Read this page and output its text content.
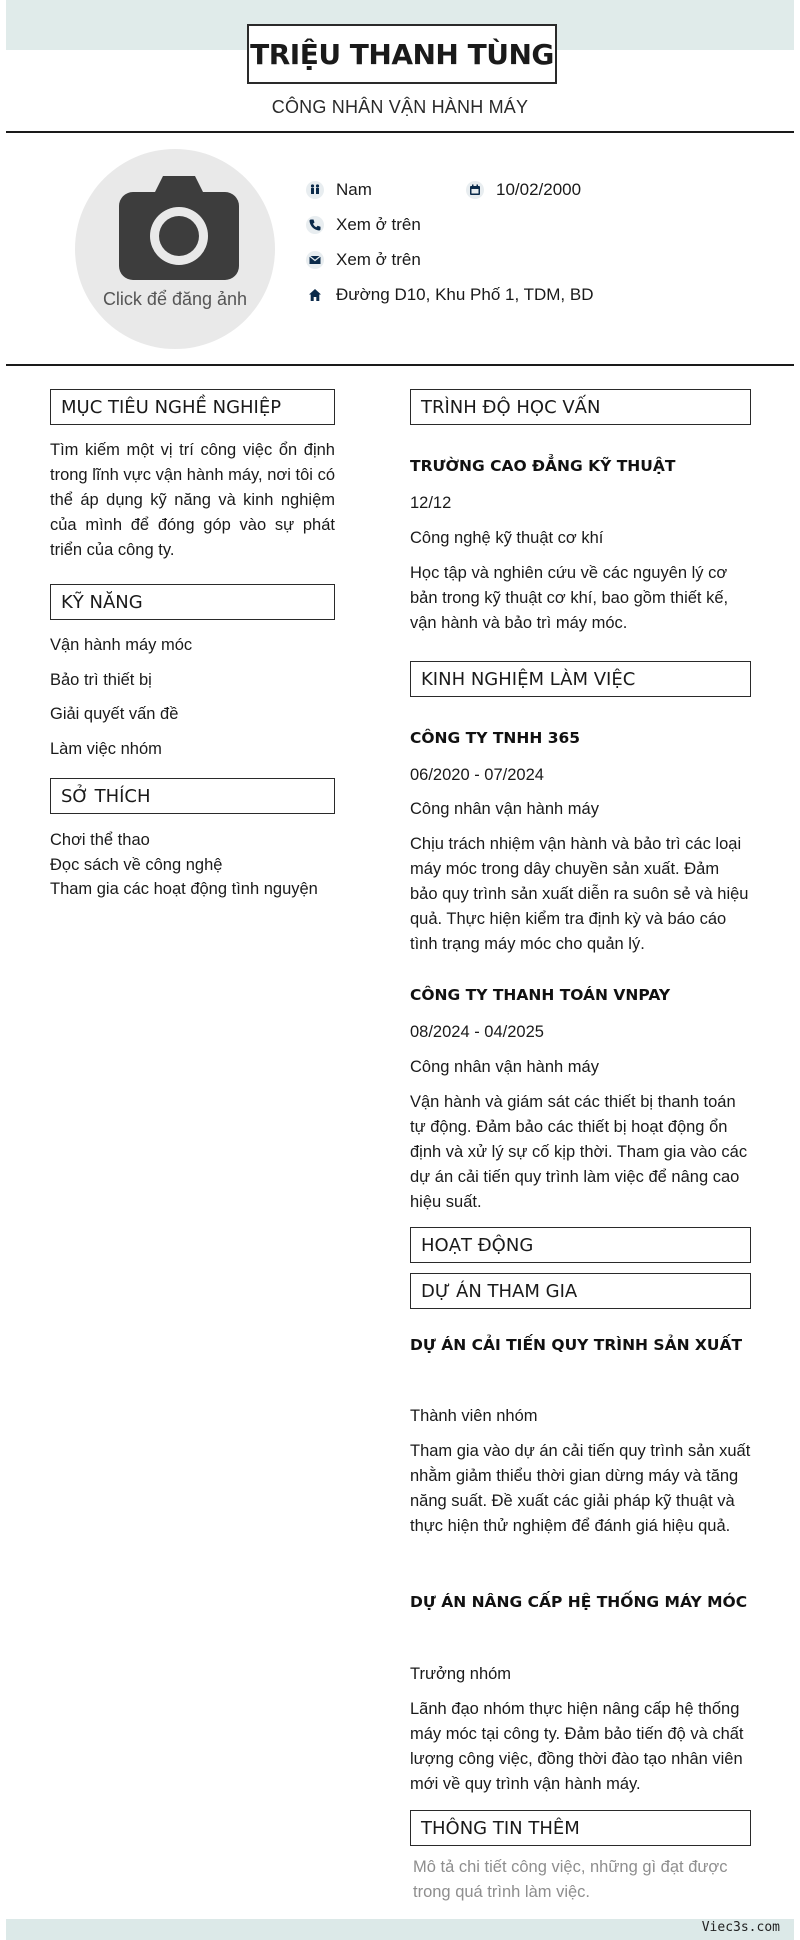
TRIỆU THANH TÙNG
CÔNG NHÂN VẬN HÀNH MÁY
Click để đăng ảnh
Nam	10/02/2000
Xem ở trên
Xem ở trên
Đường D10, Khu Phố 1, TDM, BD
MỤC TIÊU NGHỀ NGHIỆP
Tìm kiếm một vị trí công việc ổn định trong lĩnh vực vận hành máy, nơi tôi có thể áp dụng kỹ năng và kinh nghiệm của mình để đóng góp vào sự phát triển của công ty.
KỸ NĂNG
Vận hành máy móc
Bảo trì thiết bị
Giải quyết vấn đề
Làm việc nhóm
SỞ THÍCH
Chơi thể thao
Đọc sách về công nghệ
Tham gia các hoạt động tình nguyện
TRÌNH ĐỘ HỌC VẤN
TRƯỜNG CAO ĐẲNG KỸ THUẬT
12/12
Công nghệ kỹ thuật cơ khí
Học tập và nghiên cứu về các nguyên lý cơ bản trong kỹ thuật cơ khí, bao gồm thiết kế, vận hành và bảo trì máy móc.
KINH NGHIỆM LÀM VIỆC
CÔNG TY TNHH 365
06/2020 - 07/2024
Công nhân vận hành máy
Chịu trách nhiệm vận hành và bảo trì các loại máy móc trong dây chuyền sản xuất. Đảm bảo quy trình sản xuất diễn ra suôn sẻ và hiệu quả. Thực hiện kiểm tra định kỳ và báo cáo tình trạng máy móc cho quản lý.
CÔNG TY THANH TOÁN VNPAY
08/2024 - 04/2025
Công nhân vận hành máy
Vận hành và giám sát các thiết bị thanh toán tự động. Đảm bảo các thiết bị hoạt động ổn định và xử lý sự cố kịp thời. Tham gia vào các dự án cải tiến quy trình làm việc để nâng cao hiệu suất.
HOẠT ĐỘNG
DỰ ÁN THAM GIA
DỰ ÁN CẢI TIẾN QUY TRÌNH SẢN XUẤT
Thành viên nhóm
Tham gia vào dự án cải tiến quy trình sản xuất nhằm giảm thiểu thời gian dừng máy và tăng năng suất. Đề xuất các giải pháp kỹ thuật và thực hiện thử nghiệm để đánh giá hiệu quả.
DỰ ÁN NÂNG CẤP HỆ THỐNG MÁY MÓC
Trưởng nhóm
Lãnh đạo nhóm thực hiện nâng cấp hệ thống máy móc tại công ty. Đảm bảo tiến độ và chất lượng công việc, đồng thời đào tạo nhân viên mới về quy trình vận hành máy.
THÔNG TIN THÊM
Mô tả chi tiết công việc, những gì đạt được trong quá trình làm việc.
Viec3s.com
